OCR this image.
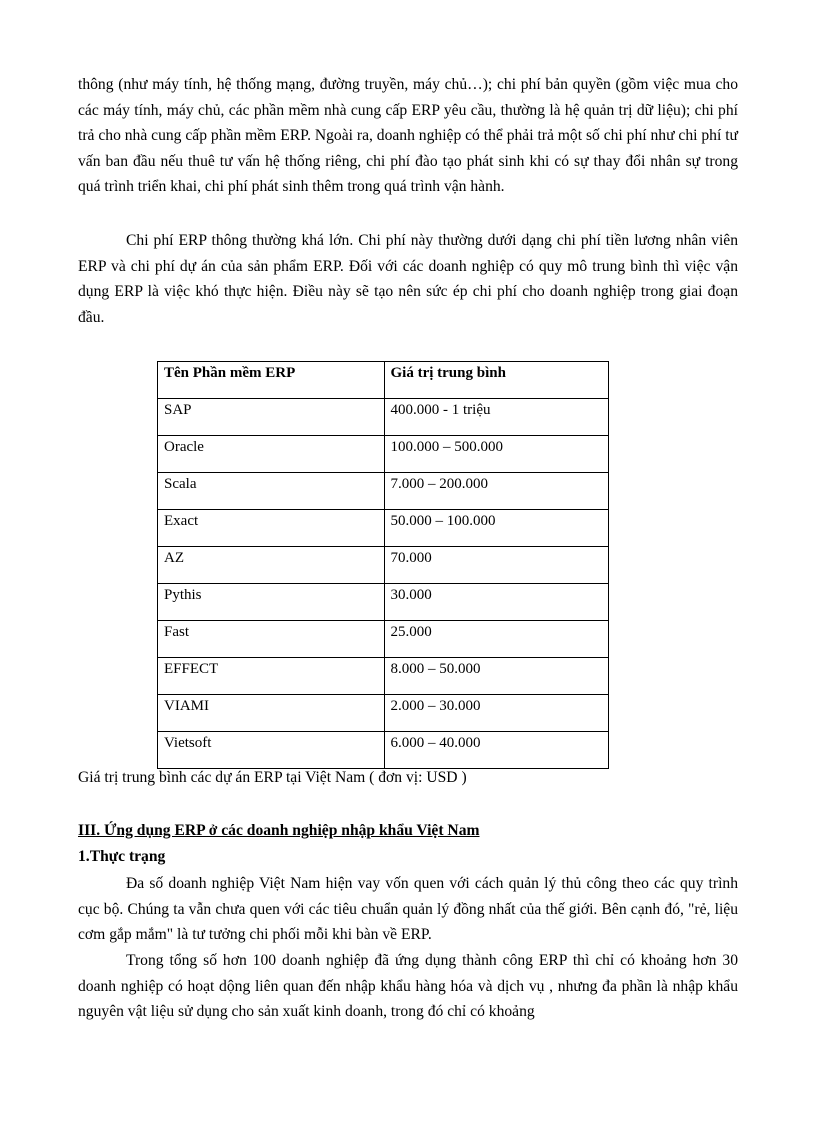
thông (như máy tính, hệ thống mạng, đường truyền, máy chủ…); chi phí bản quyền (gồm việc mua cho các máy tính, máy chủ, các phần mềm nhà cung cấp ERP yêu cầu, thường là hệ quản trị dữ liệu); chi phí trả cho nhà cung cấp phần mềm ERP. Ngoài ra, doanh nghiệp có thể phải trả một số chi phí như chi phí tư vấn ban đầu nếu thuê tư vấn hệ thống riêng, chi phí đào tạo phát sinh khi có sự thay đổi nhân sự trong quá trình triển khai, chi phí phát sinh thêm trong quá trình vận hành.

Chi phí ERP thông thường khá lớn. Chi phí này thường dưới dạng chi phí tiền lương nhân viên ERP và chi phí dự án của sản phẩm ERP. Đối với các doanh nghiệp có quy mô trung bình thì việc vận dụng ERP là việc khó thực hiện. Điều này sẽ tạo nên sức ép chi phí cho doanh nghiệp trong giai đoạn đầu.

Tên Phần mềm ERP	Giá trị trung bình
SAP	400.000 - 1 triệu
Oracle	100.000 – 500.000
Scala	7.000 – 200.000
Exact	50.000 – 100.000
AZ	70.000
Pythis	30.000
Fast	25.000
EFFECT	8.000 – 50.000
VIAMI	2.000 – 30.000
Vietsoft	6.000 – 40.000

Giá trị trung bình các dự án ERP tại Việt Nam ( đơn vị: USD )

III. Ứng dụng ERP ở các doanh nghiệp nhập khẩu Việt Nam

1.Thực trạng

Đa số doanh nghiệp Việt Nam hiện vay vốn quen với cách quản lý thủ công theo các quy trình cục bộ. Chúng ta vẫn chưa quen với các tiêu chuẩn quản lý đồng nhất của thế giới. Bên cạnh đó, "rẻ, liệu cơm gắp mắm" là tư tưởng chi phối mỗi khi bàn về ERP.

Trong tổng số hơn 100 doanh nghiệp đã ứng dụng thành công ERP thì chỉ có khoảng hơn 30 doanh nghiệp có hoạt dộng liên quan đến nhập khẩu hàng hóa và dịch vụ , nhưng đa phần là nhập khẩu nguyên vật liệu sử dụng cho sản xuất kinh doanh, trong đó chỉ có khoảng
